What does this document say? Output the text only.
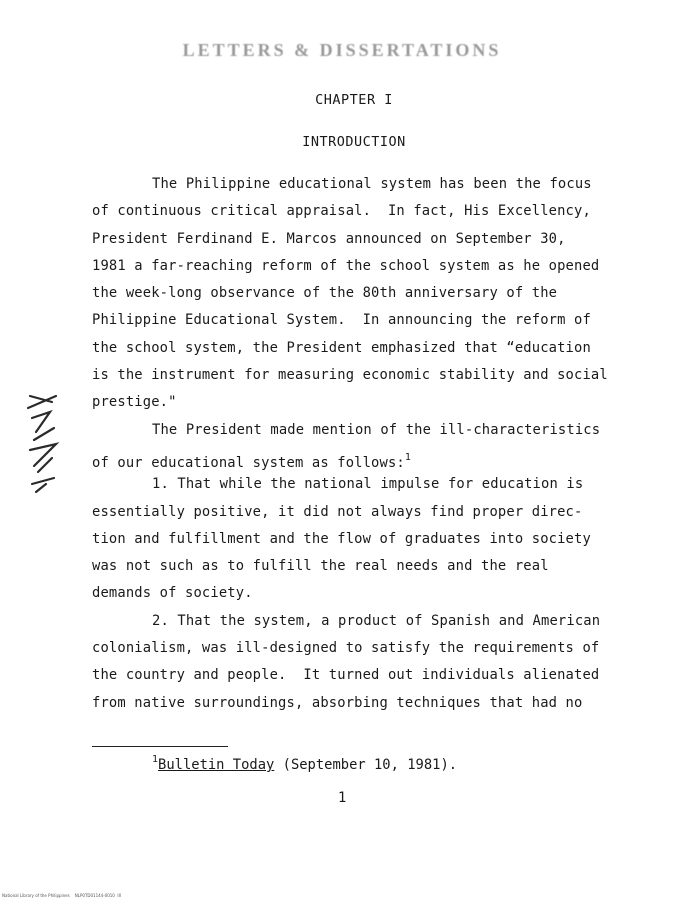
LETTERS & DISSERTATIONS
CHAPTER I
INTRODUCTION
The Philippine educational system has been the focus
of continuous critical appraisal.  In fact, His Excellency,
President Ferdinand E. Marcos announced on September 30,
1981 a far-reaching reform of the school system as he opened
the week-long observance of the 80th anniversary of the
Philippine Educational System.  In announcing the reform of
the school system, the President emphasized that “education
is the instrument for measuring economic stability and social
prestige."
The President made mention of the ill-characteristics
of our educational system as follows:$^1$
1. That while the national impulse for education is
essentially positive, it did not always find proper direc-
tion and fulfillment and the flow of graduates into society
was not such as to fulfill the real needs and the real
demands of society.
2. That the system, a product of Spanish and American
colonialism, was ill-designed to satisfy the requirements of
the country and people.  It turned out individuals alienated
from native surroundings, absorbing techniques that had no
$^1$Bulletin Today (September 10, 1981).
1
National Library of the Philippines    NLP0TD01144-0010  III
